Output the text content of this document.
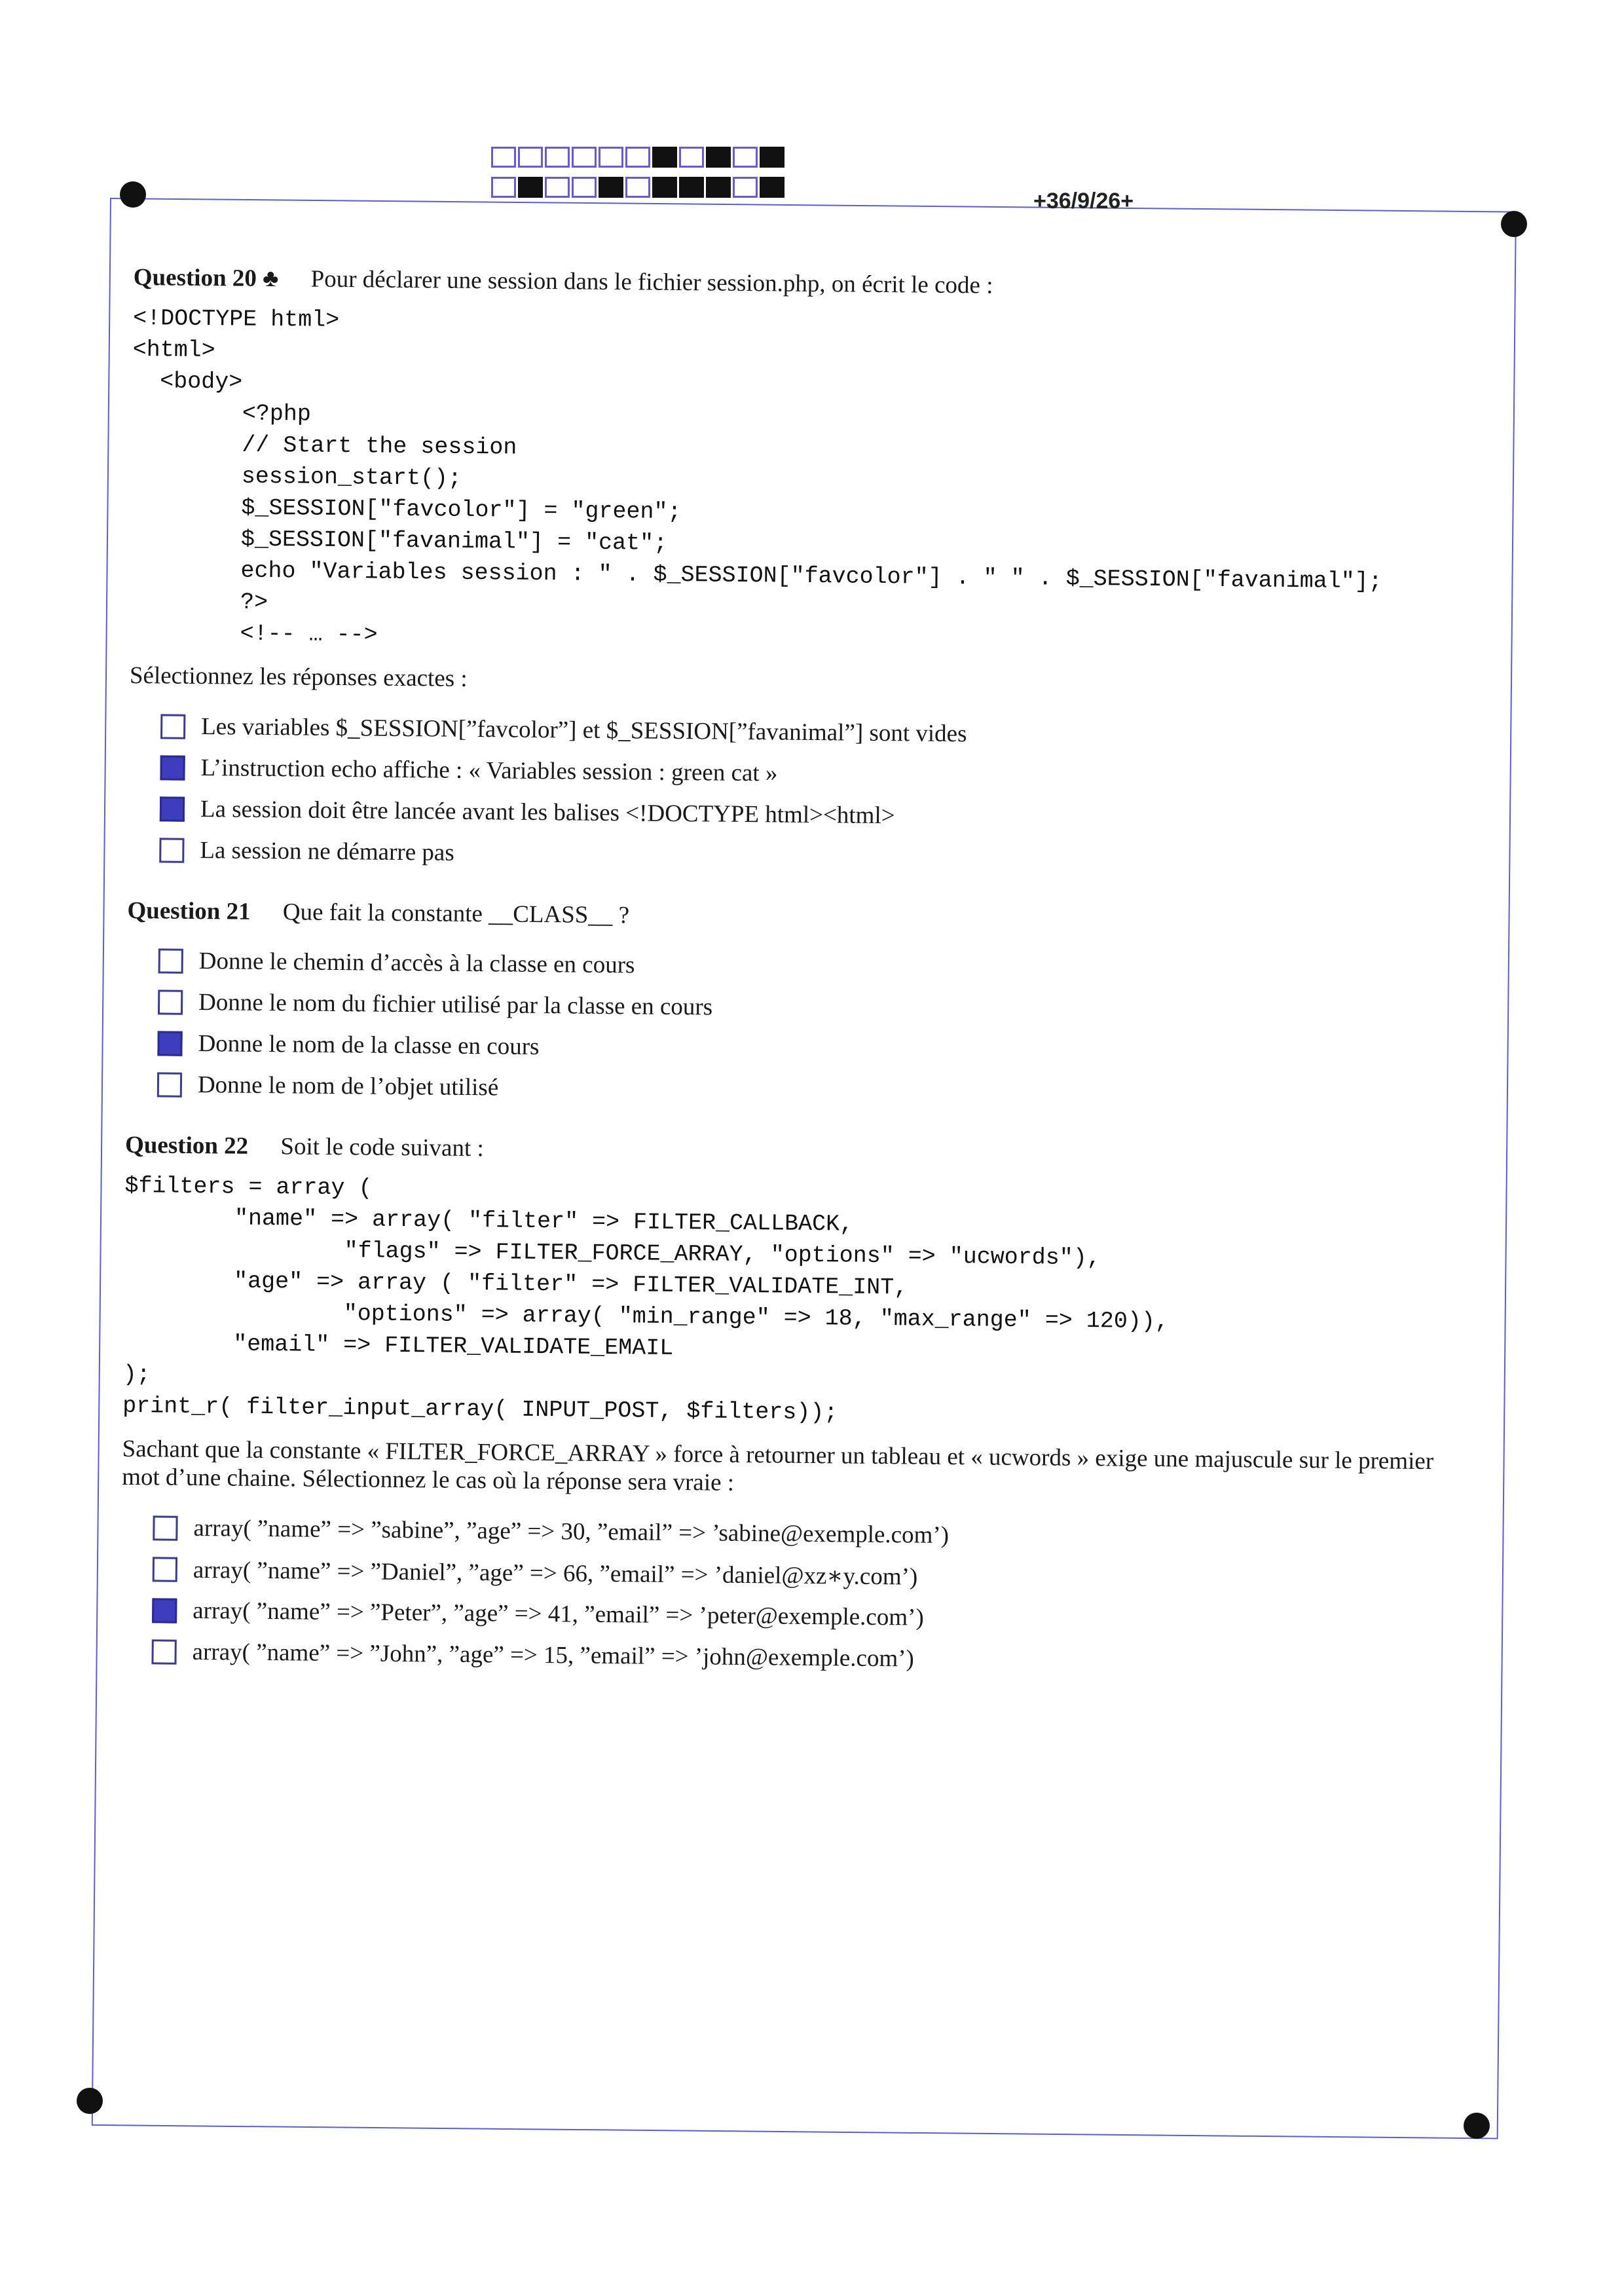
+36/9/26+

Question 20 ♣ Pour déclarer une session dans le fichier session.php, on écrit le code :

<!DOCTYPE html>
<html>
<body>
<?php
// Start the session
session_start();
$_SESSION["favcolor"] = "green";
$_SESSION["favanimal"] = "cat";
echo "Variables session : " . $_SESSION["favcolor"] . " " . $_SESSION["favanimal"];
?>
<!-- … -->
Sélectionnez les réponses exactes :
Les variables $_SESSION[”favcolor”] et $_SESSION[”favanimal”] sont vides
L’instruction echo affiche : « Variables session : green cat »
La session doit être lancée avant les balises <!DOCTYPE html><html>
La session ne démarre pas

Question 21 Que fait la constante __CLASS__ ?

Donne le chemin d’accès à la classe en cours
Donne le nom du fichier utilisé par la classe en cours
Donne le nom de la classe en cours
Donne le nom de l’objet utilisé

Question 22 Soit le code suivant :

$filters = array (
"name" => array( "filter" => FILTER_CALLBACK,
"flags" => FILTER_FORCE_ARRAY, "options" => "ucwords"),
"age" => array ( "filter" => FILTER_VALIDATE_INT,
"options" => array( "min_range" => 18, "max_range" => 120)),
"email" => FILTER_VALIDATE_EMAIL
);
print_r( filter_input_array( INPUT_POST, $filters));
Sachant que la constante « FILTER_FORCE_ARRAY » force à retourner un tableau et « ucwords » exige une majuscule sur le premier mot d’une chaine. Sélectionnez le cas où la réponse sera vraie :
array( ”name” => ”sabine”, ”age” => 30, ”email” => ’sabine@exemple.com’)
array( ”name” => ”Daniel”, ”age” => 66, ”email” => ’daniel@xz∗y.com’)
array( ”name” => ”Peter”, ”age” => 41, ”email” => ’peter@exemple.com’)
array( ”name” => ”John”, ”age” => 15, ”email” => ’john@exemple.com’)
